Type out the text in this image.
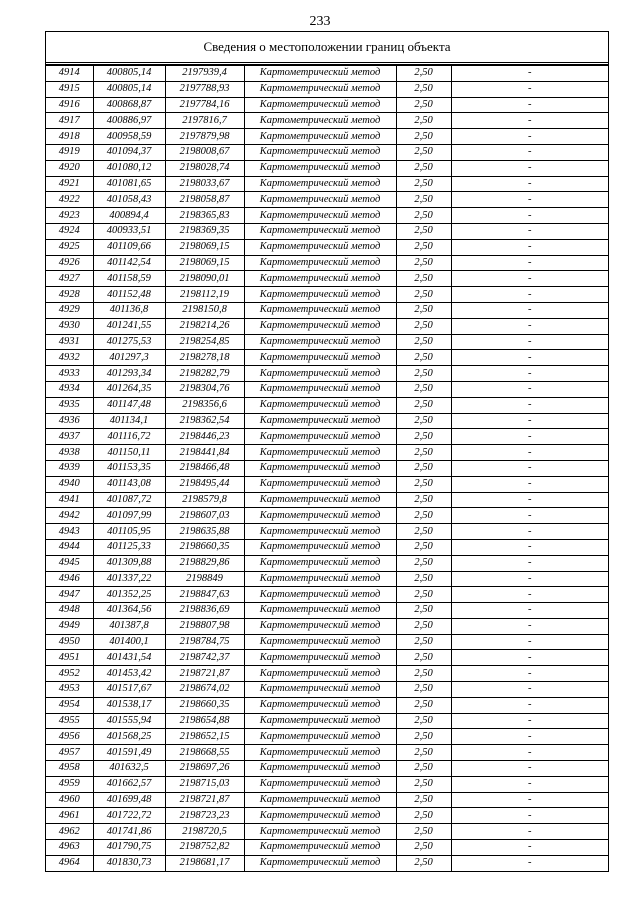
233
Сведения о местоположении границ объекта
4914	400805,14	2197939,4	Картометрический метод	2,50	-
4915	400805,14	2197788,93	Картометрический метод	2,50	-
4916	400868,87	2197784,16	Картометрический метод	2,50	-
4917	400886,97	2197816,7	Картометрический метод	2,50	-
4918	400958,59	2197879,98	Картометрический метод	2,50	-
4919	401094,37	2198008,67	Картометрический метод	2,50	-
4920	401080,12	2198028,74	Картометрический метод	2,50	-
4921	401081,65	2198033,67	Картометрический метод	2,50	-
4922	401058,43	2198058,87	Картометрический метод	2,50	-
4923	400894,4	2198365,83	Картометрический метод	2,50	-
4924	400933,51	2198369,35	Картометрический метод	2,50	-
4925	401109,66	2198069,15	Картометрический метод	2,50	-
4926	401142,54	2198069,15	Картометрический метод	2,50	-
4927	401158,59	2198090,01	Картометрический метод	2,50	-
4928	401152,48	2198112,19	Картометрический метод	2,50	-
4929	401136,8	2198150,8	Картометрический метод	2,50	-
4930	401241,55	2198214,26	Картометрический метод	2,50	-
4931	401275,53	2198254,85	Картометрический метод	2,50	-
4932	401297,3	2198278,18	Картометрический метод	2,50	-
4933	401293,34	2198282,79	Картометрический метод	2,50	-
4934	401264,35	2198304,76	Картометрический метод	2,50	-
4935	401147,48	2198356,6	Картометрический метод	2,50	-
4936	401134,1	2198362,54	Картометрический метод	2,50	-
4937	401116,72	2198446,23	Картометрический метод	2,50	-
4938	401150,11	2198441,84	Картометрический метод	2,50	-
4939	401153,35	2198466,48	Картометрический метод	2,50	-
4940	401143,08	2198495,44	Картометрический метод	2,50	-
4941	401087,72	2198579,8	Картометрический метод	2,50	-
4942	401097,99	2198607,03	Картометрический метод	2,50	-
4943	401105,95	2198635,88	Картометрический метод	2,50	-
4944	401125,33	2198660,35	Картометрический метод	2,50	-
4945	401309,88	2198829,86	Картометрический метод	2,50	-
4946	401337,22	2198849	Картометрический метод	2,50	-
4947	401352,25	2198847,63	Картометрический метод	2,50	-
4948	401364,56	2198836,69	Картометрический метод	2,50	-
4949	401387,8	2198807,98	Картометрический метод	2,50	-
4950	401400,1	2198784,75	Картометрический метод	2,50	-
4951	401431,54	2198742,37	Картометрический метод	2,50	-
4952	401453,42	2198721,87	Картометрический метод	2,50	-
4953	401517,67	2198674,02	Картометрический метод	2,50	-
4954	401538,17	2198660,35	Картометрический метод	2,50	-
4955	401555,94	2198654,88	Картометрический метод	2,50	-
4956	401568,25	2198652,15	Картометрический метод	2,50	-
4957	401591,49	2198668,55	Картометрический метод	2,50	-
4958	401632,5	2198697,26	Картометрический метод	2,50	-
4959	401662,57	2198715,03	Картометрический метод	2,50	-
4960	401699,48	2198721,87	Картометрический метод	2,50	-
4961	401722,72	2198723,23	Картометрический метод	2,50	-
4962	401741,86	2198720,5	Картометрический метод	2,50	-
4963	401790,75	2198752,82	Картометрический метод	2,50	-
4964	401830,73	2198681,17	Картометрический метод	2,50	-
